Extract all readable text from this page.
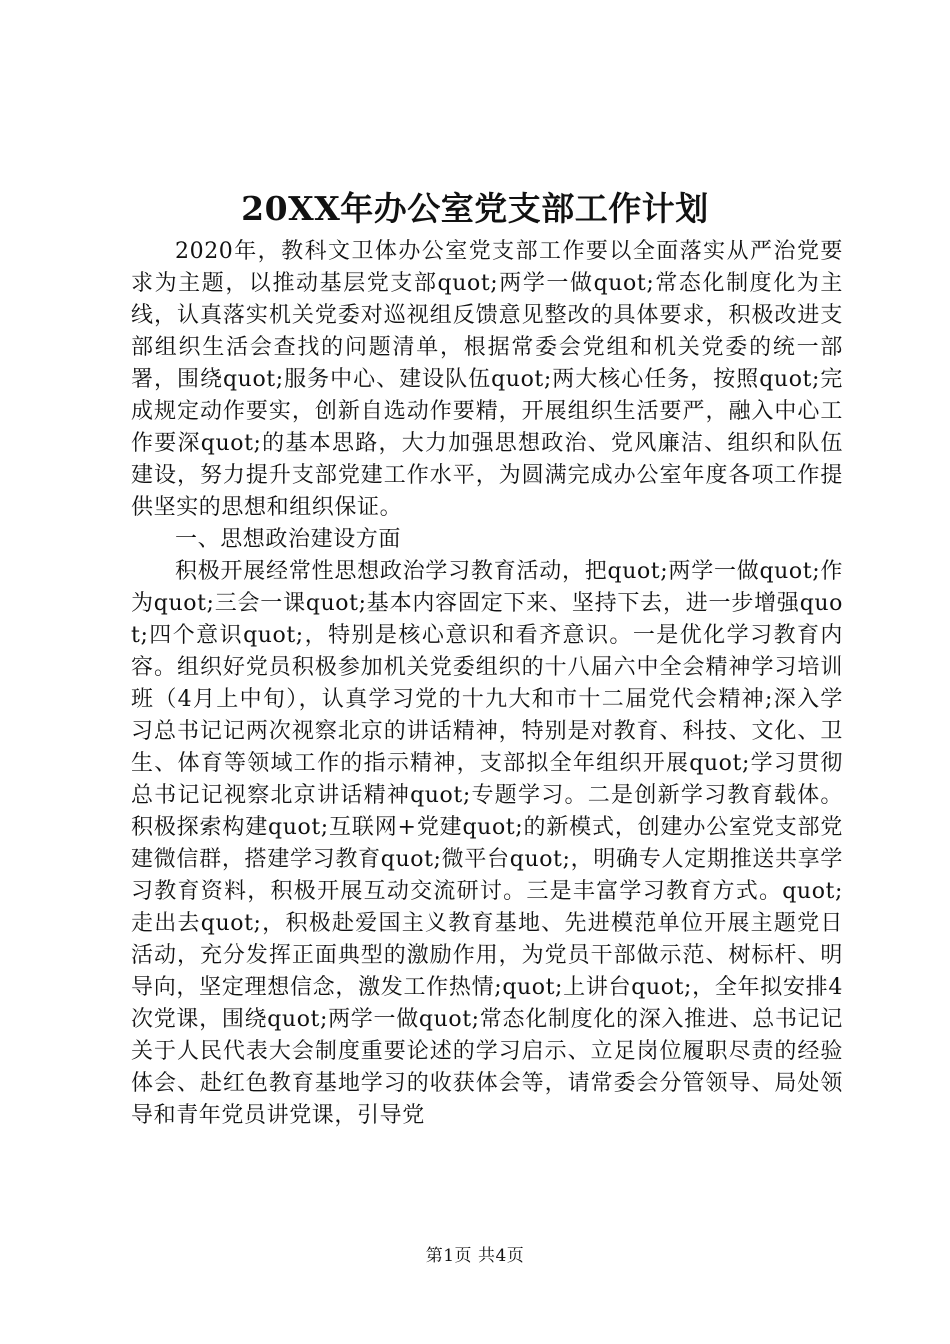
20XX年办公室党支部工作计划

2020年，教科文卫体办公室党支部工作要以全面落实从严治党要求为主题，以推动基层党支部quot;两学一做quot;常态化制度化为主线，认真落实机关党委对巡视组反馈意见整改的具体要求，积极改进支部组织生活会查找的问题清单，根据常委会党组和机关党委的统一部署，围绕quot;服务中心、建设队伍quot;两大核心任务，按照quot;完成规定动作要实，创新自选动作要精，开展组织生活要严，融入中心工作要深quot;的基本思路，大力加强思想政治、党风廉洁、组织和队伍建设，努力提升支部党建工作水平，为圆满完成办公室年度各项工作提供坚实的思想和组织保证。

一、思想政治建设方面

积极开展经常性思想政治学习教育活动，把quot;两学一做quot;作为quot;三会一课quot;基本内容固定下来、坚持下去，进一步增强quot;四个意识quot;，特别是核心意识和看齐意识。一是优化学习教育内容。组织好党员积极参加机关党委组织的十八届六中全会精神学习培训班（4月上中旬），认真学习党的十九大和市十二届党代会精神;深入学习总书记记两次视察北京的讲话精神，特别是对教育、科技、文化、卫生、体育等领域工作的指示精神，支部拟全年组织开展quot;学习贯彻总书记记视察北京讲话精神quot;专题学习。二是创新学习教育载体。积极探索构建quot;互联网+党建quot;的新模式，创建办公室党支部党建微信群，搭建学习教育quot;微平台quot;，明确专人定期推送共享学习教育资料，积极开展互动交流研讨。三是丰富学习教育方式。quot;走出去quot;，积极赴爱国主义教育基地、先进模范单位开展主题党日活动，充分发挥正面典型的激励作用，为党员干部做示范、树标杆、明导向，坚定理想信念，激发工作热情;quot;上讲台quot;，全年拟安排4次党课，围绕quot;两学一做quot;常态化制度化的深入推进、总书记记关于人民代表大会制度重要论述的学习启示、立足岗位履职尽责的经验体会、赴红色教育基地学习的收获体会等，请常委会分管领导、局处领导和青年党员讲党课，引导党

第1页 共4页
